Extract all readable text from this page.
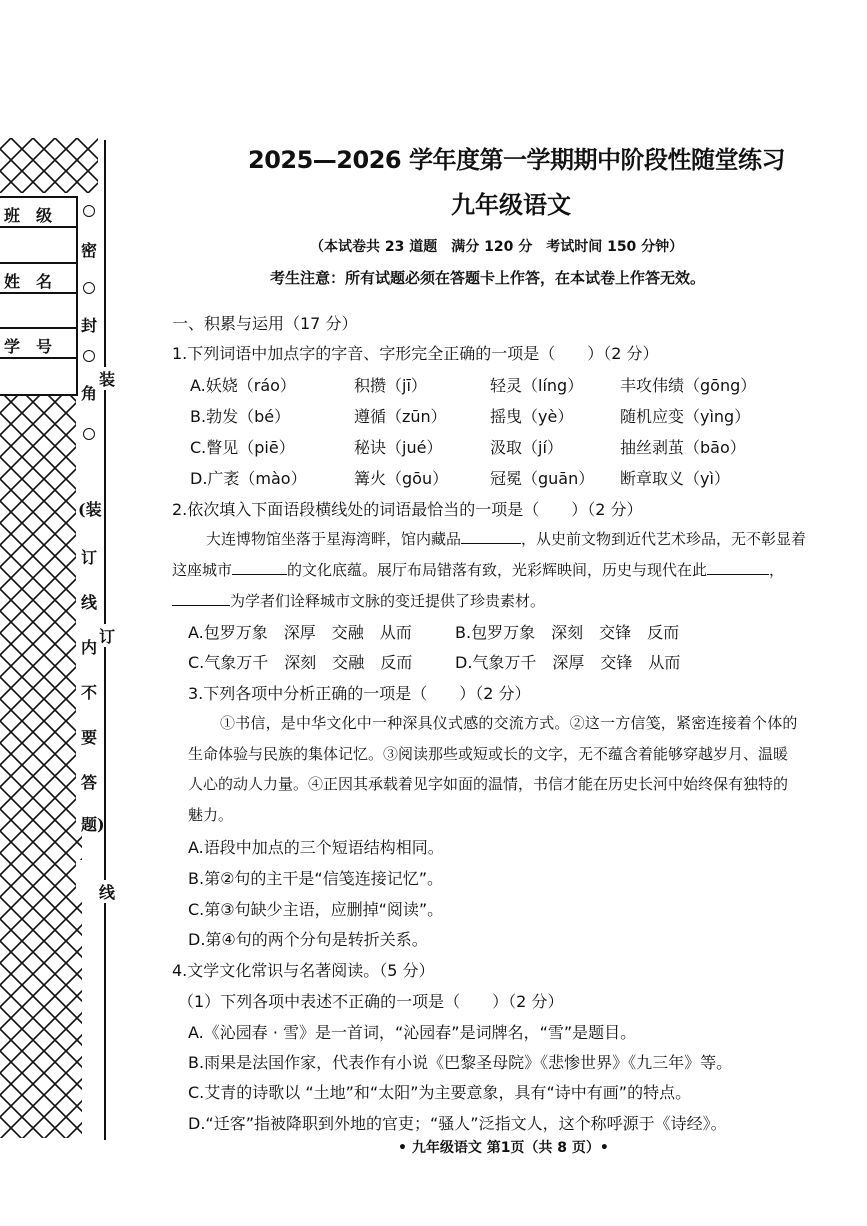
班　级
姓　名
学　号
密
封
角
装
订
线
(装
订
线
内
不
要
答
题)
2025—2026 学年度第一学期期中阶段性随堂练习
九年级语文
（本试卷共 23 道题　满分 120 分　考试时间 150 分钟）
考生注意：所有试题必须在答题卡上作答，在本试卷上作答无效。
一、积累与运用（17 分）
1.下列词语中加点字的字音、字形完全正确的一项是（　　）（2 分）
A.妖娆（ráo）	积攒（jī）	轻灵（líng） 丰攻伟绩（gōng）
B.勃发（bé）	遵循（zūn）	摇曳（yè）	随机应变（yìng）
C.瞥见（piē）	秘诀（jué）	汲取（jí）	抽丝剥茧（bāo）
D.广袤（mào）	篝火（gōu）	冠冕（guān） 断章取义（yì）
2.依次填入下面语段横线处的词语最恰当的一项是（　　）（2 分）
大连博物馆坐落于星海湾畔，馆内藏品	，从史前文物到近代艺术珍品，无不彰显着
这座城市	的文化底蕴。展厅布局错落有致，光彩辉映间，历史与现代在此	，
为学者们诠释城市文脉的变迁提供了珍贵素材。
A.包罗万象　深厚　交融　从而	B.包罗万象　深刻　交锋　反而
C.气象万千　深刻　交融　反而	D.气象万千　深厚　交锋　从而
3.下列各项中分析正确的一项是（　　）（2 分）
①书信，是中华文化中一种深具仪式感的交流方式。②这一方信笺，紧密连接着个体的
生命体验与民族的集体记忆。③阅读那些或短或长的文字，无不蕴含着能够穿越岁月、温暖
人心的动人力量。④正因其承载着见字如面的温情，书信才能在历史长河中始终保有独特的
魅力。
A.语段中加点的三个短语结构相同。
B.第②句的主干是“信笺连接记忆”。
C.第③句缺少主语，应删掉“阅读”。
D.第④句的两个分句是转折关系。
4.文学文化常识与名著阅读。（5 分）
（1）下列各项中表述不正确的一项是（　　）（2 分）
A.《沁园春 · 雪》是一首词，“沁园春”是词牌名，“雪”是题目。
B.雨果是法国作家，代表作有小说《巴黎圣母院》《悲惨世界》《九三年》等。
C.艾青的诗歌以 “土地”和“太阳”为主要意象，具有“诗中有画”的特点。
D.“迁客”指被降职到外地的官吏；“骚人”泛指文人，这个称呼源于《诗经》。
• 九年级语文 第1页（共 8 页）•
